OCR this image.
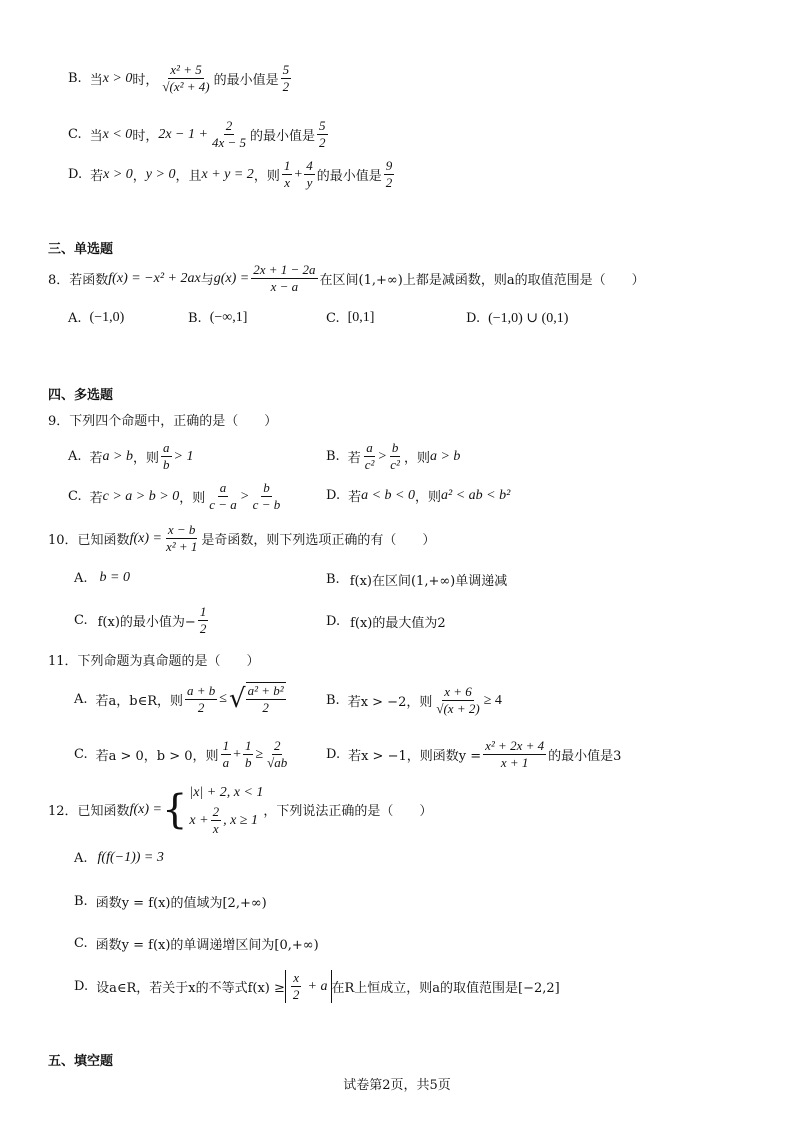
B. 当 x > 0 时， $\frac{\text{x² + 5}}{\text{√(x² + 4)}}$ 的最小值是 $\frac{5}{2}$
C. 当 x < 0 时， $2x - 1 + \frac{2}{4x - 5}$ 的最小值是 $\frac{5}{2}$
D. 若 x > 0 ， y > 0 ，且 x + y = 2 ，则 $\frac{1}{x} + \frac{4}{y}$ 的最小值是 $\frac{9}{2}$
三、单选题
8． 若函数 f(x) = −x² + 2ax 与 $g(x) = \frac{2x + 1 - 2a}{x - a}$ 在区间(1,+∞)上都是减函数，则a的取值范围是（　　）
A. (−1,0)	B. (−∞,1]	C. [0,1]	D. (−1,0) ∪ (0,1)
四、多选题
9．下列四个命题中，正确的是（　　）
A. 若 a > b ，则 $\frac{a}{b} > 1$	B. 若 $\frac{a}{\text{c²}} > \frac{b}{\text{c²}}$ ，则 a > b
C. 若 c > a > b > 0 ，则 $\frac{a}{c - a} > \frac{b}{c - b}$	D. 若 a < b < 0 ，则 a² < ab < b²
10． 已知函数 $f(x) = \frac{x - b}{\text{x² + 1}}$ 是奇函数，则下列选项正确的有（　　）
A. b = 0	B. f(x)在区间(1,+∞)单调递减
C. f(x)的最小值为− $\frac{1}{2}$	D. f(x)的最大值为2
11．下列命题为真命题的是（　　）
A. 若a，b∈R，则 $\frac{a + b}{2}$ ≤ √ $\frac{\text{a² + b²}}{2}$	B. 若x > −2，则 $\frac{x + 6}{√(x + 2)} \ge 4$
C. 若a > 0，b > 0，则 $\frac{1}{a} + \frac{1}{b} \ge \frac{2}{√ab}$	D. 若x > −1，则函数$y = \frac{\text{x² + 2x + 4}}{x + 1}$ 的最小值是3
12． 已知函数 f(x) = { |x| + 2, x < 1
$x + \frac{2}{x}$ , x ≥ 1
，下列说法正确的是（　　）
A. f(f(−1)) = 3
B. 函数y = f(x)的值域为[2,+∞)
C. 函数y = f(x)的单调递增区间为[0,+∞)
D. 设a∈R，若关于x的不等式$f(x) \ge \frac{x}{2} + a$ 在R上恒成立，则a的取值范围是[−2,2]
五、填空题
试卷第2页，共5页
